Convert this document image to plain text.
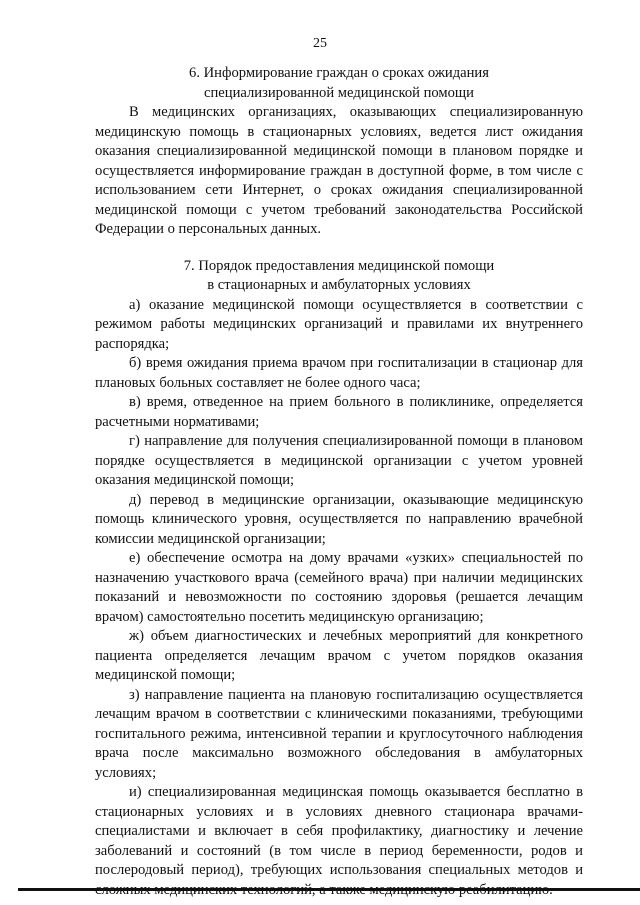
25
6. Информирование граждан о сроках ожидания
специализированной медицинской помощи

В медицинских организациях, оказывающих специализированную медицинскую помощь в стационарных условиях, ведется лист ожидания оказания специализированной медицинской помощи в плановом порядке и осуществляется информирование граждан в доступной форме, в том числе с использованием сети Интернет, о сроках ожидания специализированной медицинской помощи с учетом требований законодательства Российской Федерации о персональных данных.

7. Порядок предоставления медицинской помощи
в стационарных и амбулаторных условиях

а) оказание медицинской помощи осуществляется в соответствии с режимом работы медицинских организаций и правилами их внутреннего распорядка;

б) время ожидания приема врачом при госпитализации в стационар для плановых больных составляет не более одного часа;

в) время, отведенное на прием больного в поликлинике, определяется расчетными нормативами;

г) направление для получения специализированной помощи в плановом порядке осуществляется в медицинской организации с учетом уровней оказания медицинской помощи;

д) перевод в медицинские организации, оказывающие медицинскую помощь клинического уровня, осуществляется по направлению врачебной комиссии медицинской организации;

е) обеспечение осмотра на дому врачами «узких» специальностей по назначению участкового врача (семейного врача) при наличии медицинских показаний и невозможности по состоянию здоровья (решается лечащим врачом) самостоятельно посетить медицинскую организацию;

ж) объем диагностических и лечебных мероприятий для конкретного пациента определяется лечащим врачом с учетом порядков оказания медицинской помощи;

з) направление пациента на плановую госпитализацию осуществляется лечащим врачом в соответствии с клиническими показаниями, требующими госпитального режима, интенсивной терапии и круглосуточного наблюдения врача после максимально возможного обследования в амбулаторных условиях;

и) специализированная медицинская помощь оказывается бесплатно в стационарных условиях и в условиях дневного стационара врачами-специалистами и включает в себя профилактику, диагностику и лечение заболеваний и состояний (в том числе в период беременности, родов и послеродовый период), требующих использования специальных методов и
